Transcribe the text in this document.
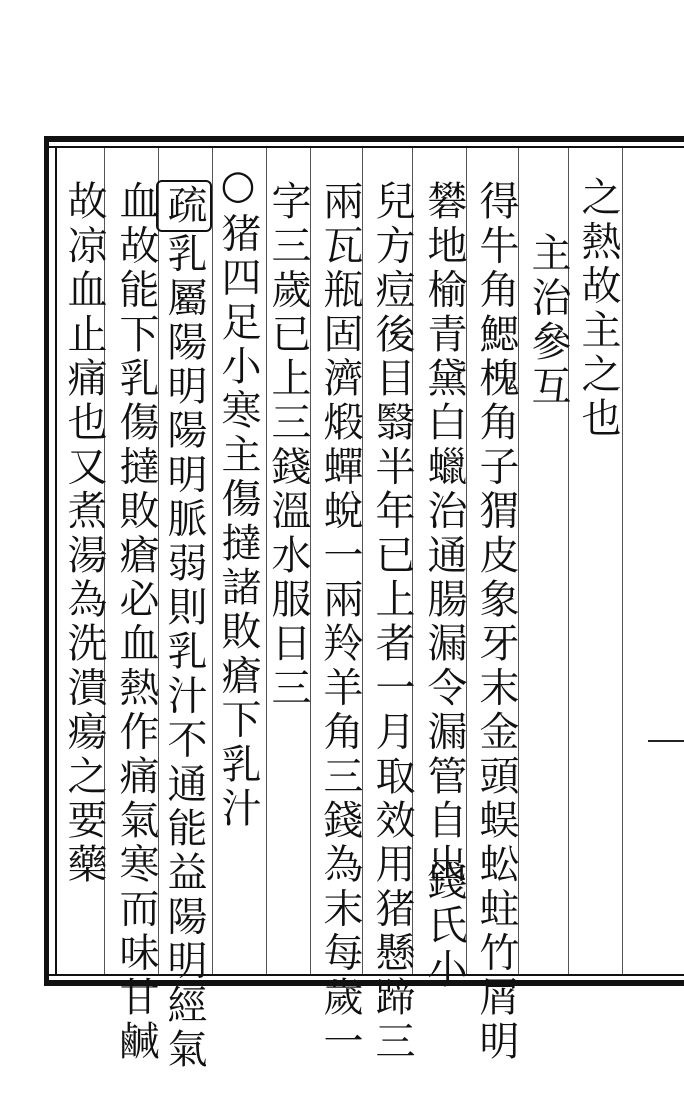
之熱故主之也
主治參互
得牛角鰓槐角子猬皮象牙末金頭蜈蚣蛀竹屑明
礬地榆青黛白蠟治通腸漏令漏管自出
錢氏小
兒方痘後目翳半年已上者一月取效用猪懸蹄三
兩瓦瓶固濟煅蟬蛻一兩羚羊角三錢為末每歲一
字三歲已上三錢溫水服日三
○猪四足小寒主傷撻諸敗瘡下乳汁
疏乳屬陽明陽明脈弱則乳汁不通能益陽明經氣
血故能下乳傷撻敗瘡必血熱作痛氣寒而味甘鹹
故凉血止痛也又煮湯為洗潰瘍之要藥
